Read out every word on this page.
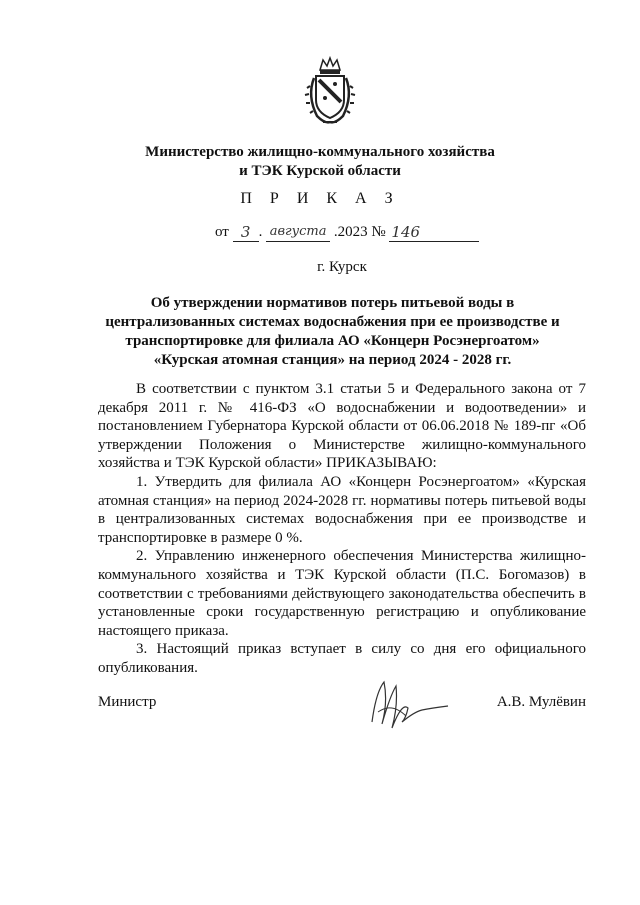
Министерство жилищно-коммунального хозяйства
и ТЭК Курской области
П Р И К А З
от 3 . августа .2023 № 146
г. Курск
Об утверждении нормативов потерь питьевой воды в централизованных системах водоснабжения при ее производстве и транспортировке для филиала АО «Концерн Росэнергоатом» «Курская атомная станция» на период 2024 - 2028 гг.

В соответствии с пунктом 3.1 статьи 5 и Федерального закона от 7 декабря 2011 г. № 416-ФЗ «О водоснабжении и водоотведении» и постановлением Губернатора Курской области от 06.06.2018 № 189-пг «Об утверждении Положения о Министерстве жилищно-коммунального хозяйства и ТЭК Курской области» ПРИКАЗЫВАЮ:

1. Утвердить для филиала АО «Концерн Росэнергоатом» «Курская атомная станция» на период 2024-2028 гг. нормативы потерь питьевой воды в централизованных системах водоснабжения при ее производстве и транспортировке в размере 0 %.

2. Управлению инженерного обеспечения Министерства жилищно-коммунального хозяйства и ТЭК Курской области (П.С. Богомазов) в соответствии с требованиями действующего законодательства обеспечить в установленные сроки государственную регистрацию и опубликование настоящего приказа.

3. Настоящий приказ вступает в силу со дня его официального опубликования.

Министр	А.В. Мулёвин
